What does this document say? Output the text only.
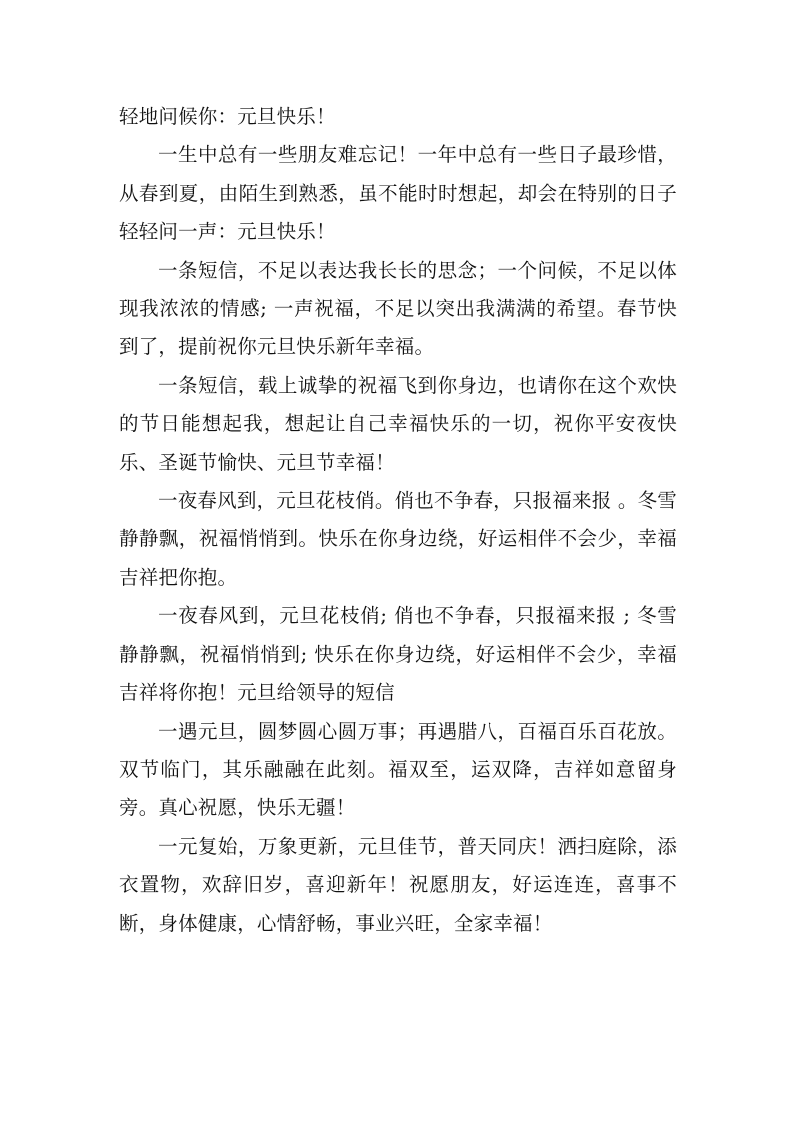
轻地问候你：元旦快乐！

一生中总有一些朋友难忘记！一年中总有一些日子最珍惜，从春到夏，由陌生到熟悉，虽不能时时想起，却会在特别的日子轻轻问一声：元旦快乐！

一条短信，不足以表达我长长的思念；一个问候，不足以体现我浓浓的情感; 一声祝福，不足以突出我满满的希望。春节快到了，提前祝你元旦快乐新年幸福。

一条短信，载上诚挚的祝福飞到你身边，也请你在这个欢快的节日能想起我，想起让自己幸福快乐的一切，祝你平安夜快乐、圣诞节愉快、元旦节幸福！

一夜春风到，元旦花枝俏。俏也不争春，只报福来报 。冬雪静静飘，祝福悄悄到。快乐在你身边绕，好运相伴不会少，幸福吉祥把你抱。

一夜春风到，元旦花枝俏; 俏也不争春，只报福来报 ; 冬雪静静飘，祝福悄悄到; 快乐在你身边绕，好运相伴不会少，幸福吉祥将你抱！元旦给领导的短信

一遇元旦，圆梦圆心圆万事；再遇腊八，百福百乐百花放。双节临门，其乐融融在此刻。福双至，运双降，吉祥如意留身旁。真心祝愿，快乐无疆！

一元复始，万象更新，元旦佳节，普天同庆！洒扫庭除，添衣置物，欢辞旧岁，喜迎新年！祝愿朋友，好运连连，喜事不断，身体健康，心情舒畅，事业兴旺，全家幸福！
